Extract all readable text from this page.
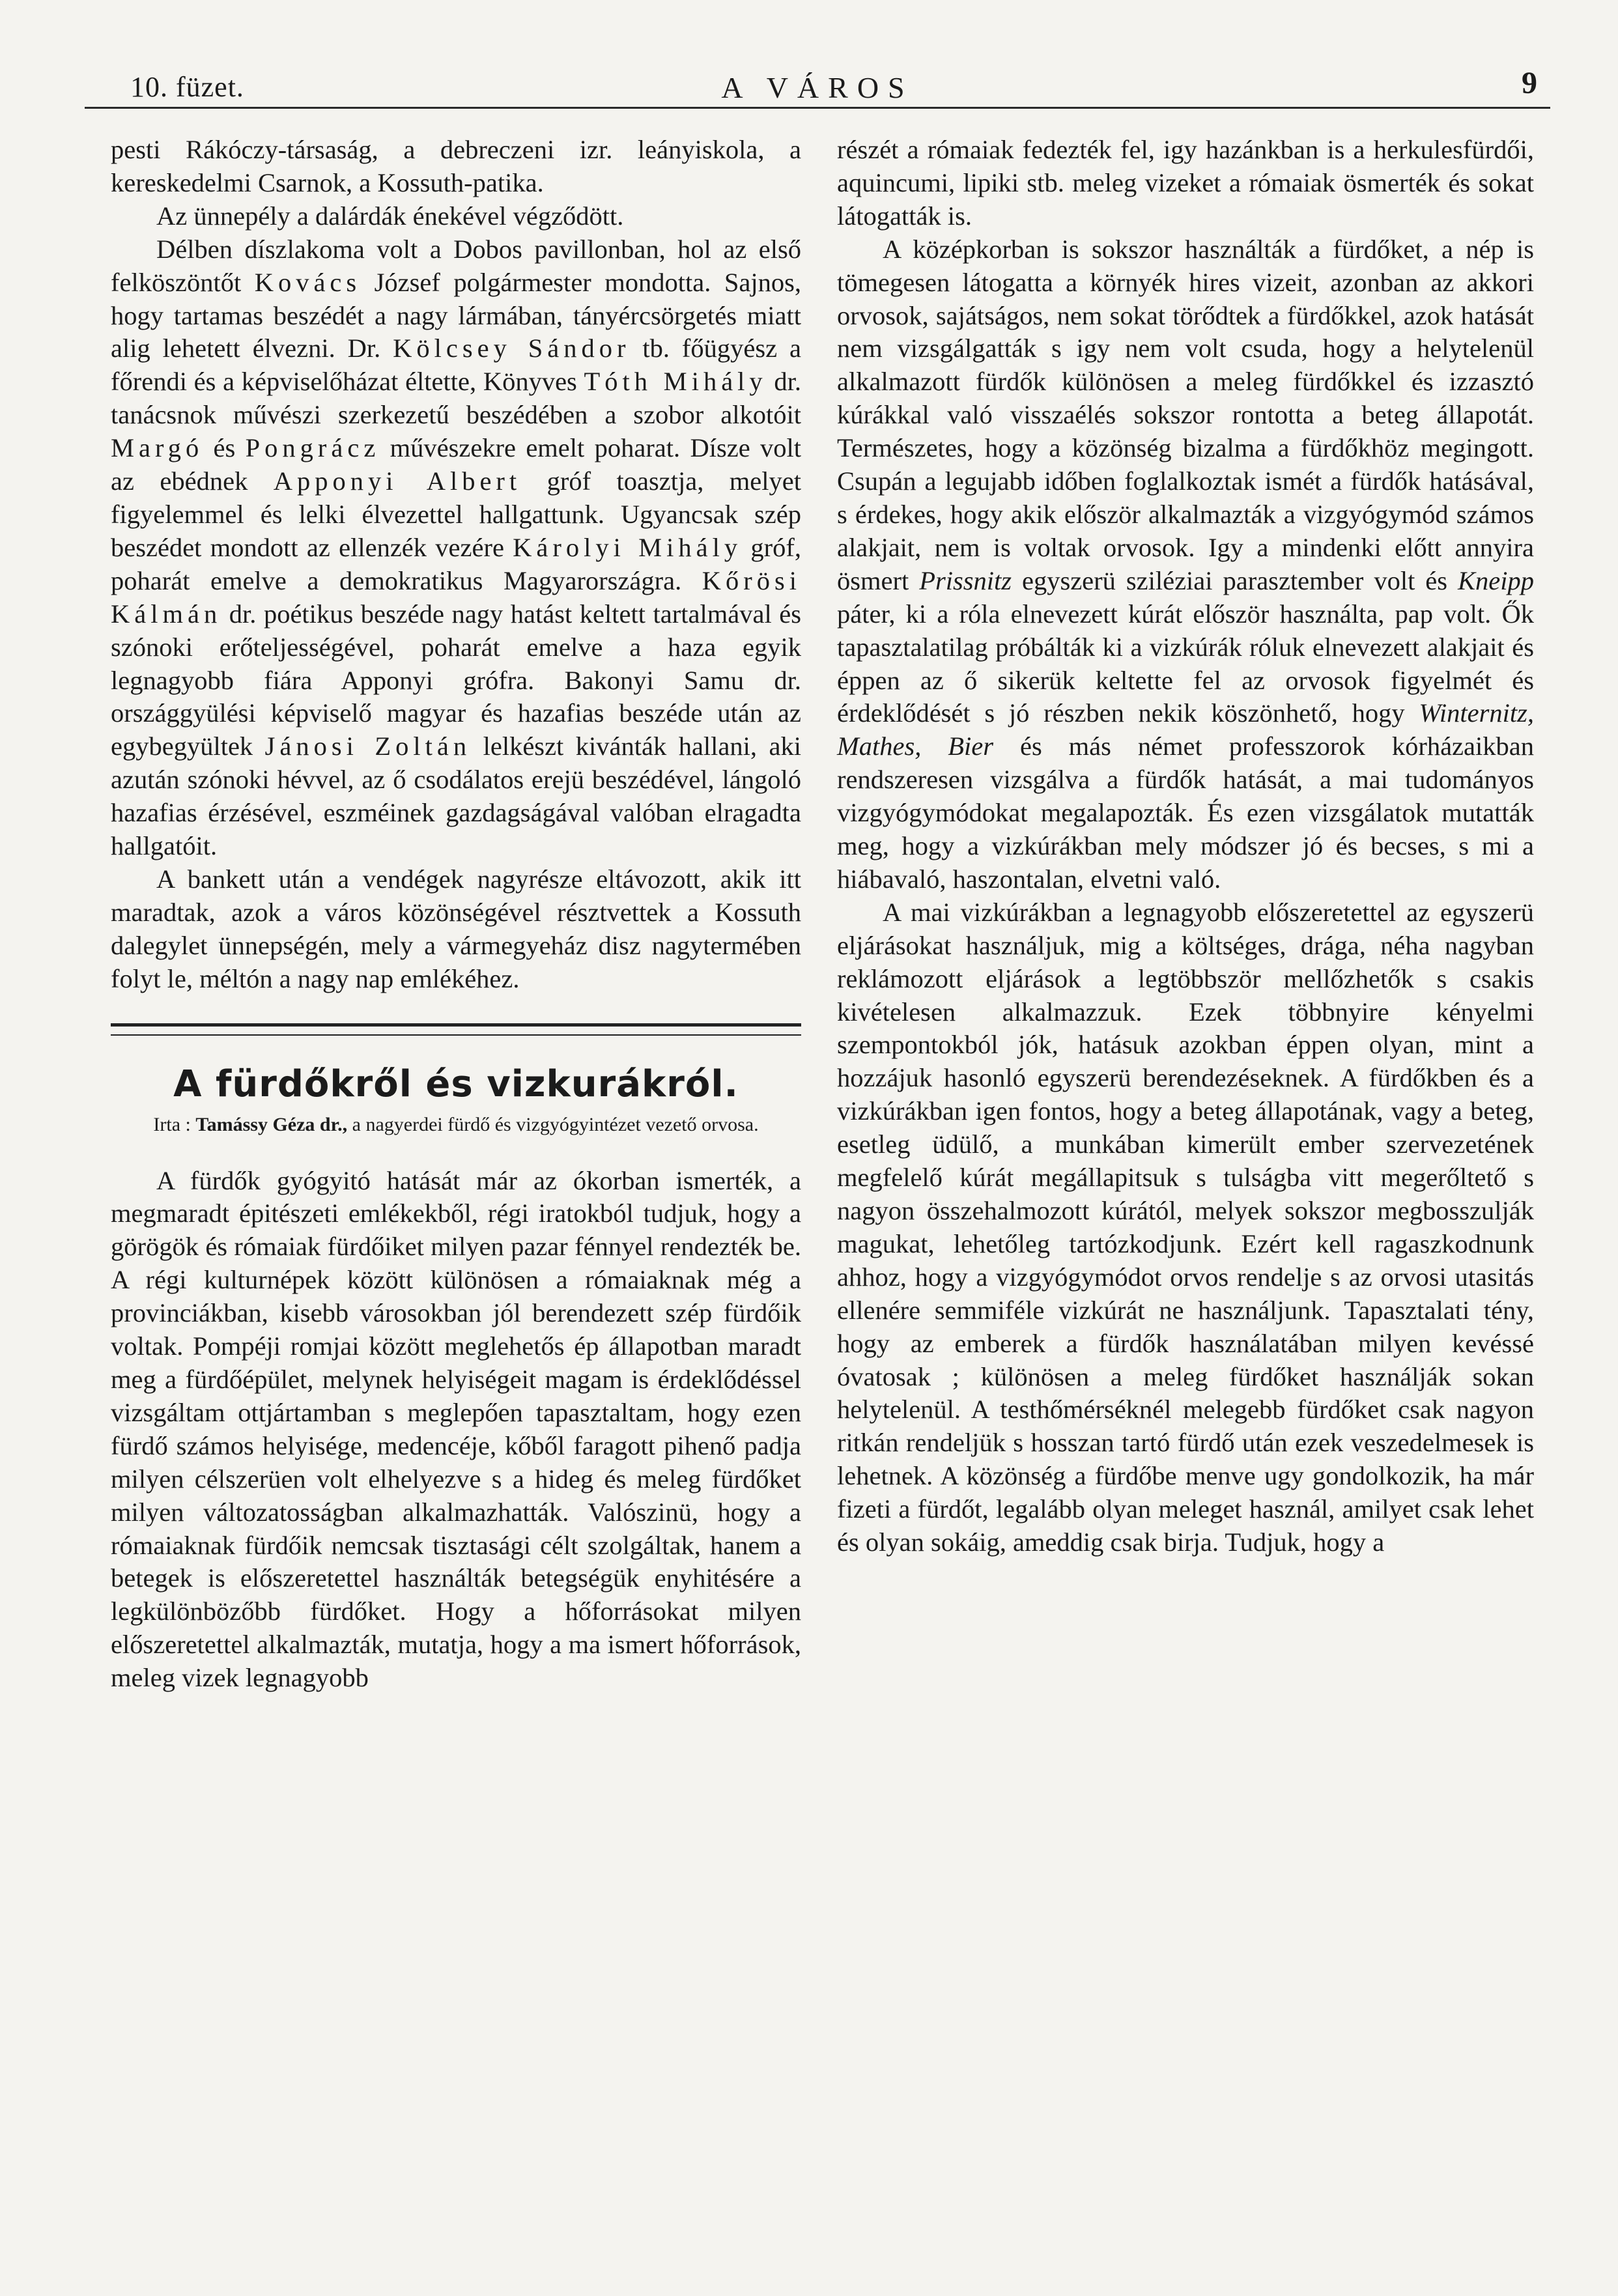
10. füzet.	A VÁROS	9

pesti Rákóczy-társaság, a debreczeni izr. leányiskola, a kereskedelmi Csarnok, a Kossuth-patika.

Az ünnepély a dalárdák énekével végződött.

Délben díszlakoma volt a Dobos pavillonban, hol az első felköszöntőt Kovács József polgármester mondotta. Sajnos, hogy tartamas beszédét a nagy lármában, tányércsörgetés miatt alig lehetett élvezni. Dr. Kölcsey Sándor tb. főügyész a főrendi és a képviselőházat éltette, Könyves Tóth Mihály dr. tanácsnok művészi szerkezetű beszédében a szobor alkotóit Margó és Pongrácz művészekre emelt poharat. Dísze volt az ebédnek Apponyi Albert gróf toasztja, melyet figyelemmel és lelki élvezettel hallgattunk. Ugyancsak szép beszédet mondott az ellenzék vezére Károlyi Mihály gróf, poharát emelve a demokratikus Magyarországra. Kőrösi Kálmán dr. poétikus beszéde nagy hatást keltett tartalmával és szónoki erőteljességével, poharát emelve a haza egyik legnagyobb fiára Apponyi grófra. Bakonyi Samu dr. országgyülési képviselő magyar és hazafias beszéde után az egybegyültek Jánosi Zoltán lelkészt kivánták hallani, aki azután szónoki hévvel, az ő csodálatos erejü beszédével, lángoló hazafias érzésével, eszméinek gazdagságával valóban elragadta hallgatóit.

A bankett után a vendégek nagyrésze eltávozott, akik itt maradtak, azok a város közönségével résztvettek a Kossuth dalegylet ünnepségén, mely a vármegyeház disz nagytermében folyt le, méltón a nagy nap emlékéhez.

A fürdőkről és vizkurákról.
Irta : Tamássy Géza dr., a nagyerdei fürdő és vizgyógyintézet vezető orvosa.

A fürdők gyógyitó hatását már az ókorban ismerték, a megmaradt épitészeti emlékekből, régi iratokból tudjuk, hogy a görögök és rómaiak fürdőiket milyen pazar fénnyel rendezték be. A régi kulturnépek között különösen a rómaiaknak még a provinciákban, kisebb városokban jól berendezett szép fürdőik voltak. Pompéji romjai között meglehetős ép állapotban maradt meg a fürdőépület, melynek helyiségeit magam is érdeklődéssel vizsgáltam ottjártamban s meglepően tapasztaltam, hogy ezen fürdő számos helyisége, medencéje, kőből faragott pihenő padja milyen célszerüen volt elhelyezve s a hideg és meleg fürdőket milyen változatosságban alkalmazhatták. Valószinü, hogy a rómaiaknak fürdőik nemcsak tisztasági célt szolgáltak, hanem a betegek is előszeretettel használták betegségük enyhitésére a legkülönbözőbb fürdőket. Hogy a hőforrásokat milyen előszeretettel alkalmazták, mutatja, hogy a ma ismert hőforrások, meleg vizek legnagyobb

részét a rómaiak fedezték fel, igy hazánkban is a herkulesfürdői, aquincumi, lipiki stb. meleg vizeket a rómaiak ösmerték és sokat látogatták is.

A középkorban is sokszor használták a fürdőket, a nép is tömegesen látogatta a környék hires vizeit, azonban az akkori orvosok, sajátságos, nem sokat törődtek a fürdőkkel, azok hatását nem vizsgálgatták s igy nem volt csuda, hogy a helytelenül alkalmazott fürdők különösen a meleg fürdőkkel és izzasztó kúrákkal való visszaélés sokszor rontotta a beteg állapotát. Természetes, hogy a közönség bizalma a fürdőkhöz megingott. Csupán a legujabb időben foglalkoztak ismét a fürdők hatásával, s érdekes, hogy akik először alkalmazták a vizgyógymód számos alakjait, nem is voltak orvosok. Igy a mindenki előtt annyira ösmert Prissnitz egyszerü sziléziai parasztember volt és Kneipp páter, ki a róla elnevezett kúrát először használta, pap volt. Ők tapasztalatilag próbálták ki a vizkúrák róluk elnevezett alakjait és éppen az ő sikerük keltette fel az orvosok figyelmét és érdeklődését s jó részben nekik köszönhető, hogy Winternitz, Mathes, Bier és más német professzorok kórházaikban rendszeresen vizsgálva a fürdők hatását, a mai tudományos vizgyógymódokat megalapozták. És ezen vizsgálatok mutatták meg, hogy a vizkúrákban mely módszer jó és becses, s mi a hiábavaló, haszontalan, elvetni való.

A mai vizkúrákban a legnagyobb előszeretettel az egyszerü eljárásokat használjuk, mig a költséges, drága, néha nagyban reklámozott eljárások a legtöbbször mellőzhetők s csakis kivételesen alkalmazzuk. Ezek többnyire kényelmi szempontokból jók, hatásuk azokban éppen olyan, mint a hozzájuk hasonló egyszerü berendezéseknek. A fürdőkben és a vizkúrákban igen fontos, hogy a beteg állapotának, vagy a beteg, esetleg üdülő, a munkában kimerült ember szervezetének megfelelő kúrát megállapitsuk s tulságba vitt megerőltető s nagyon összehalmozott kúrától, melyek sokszor megbosszulják magukat, lehetőleg tartózkodjunk. Ezért kell ragaszkodnunk ahhoz, hogy a vizgyógymódot orvos rendelje s az orvosi utasitás ellenére semmiféle vizkúrát ne használjunk. Tapasztalati tény, hogy az emberek a fürdők használatában milyen kevéssé óvatosak ; különösen a meleg fürdőket használják sokan helytelenül. A testhőmérséknél melegebb fürdőket csak nagyon ritkán rendeljük s hosszan tartó fürdő után ezek veszedelmesek is lehetnek. A közönség a fürdőbe menve ugy gondolkozik, ha már fizeti a fürdőt, legalább olyan meleget használ, amilyet csak lehet és olyan sokáig, ameddig csak birja. Tudjuk, hogy a
